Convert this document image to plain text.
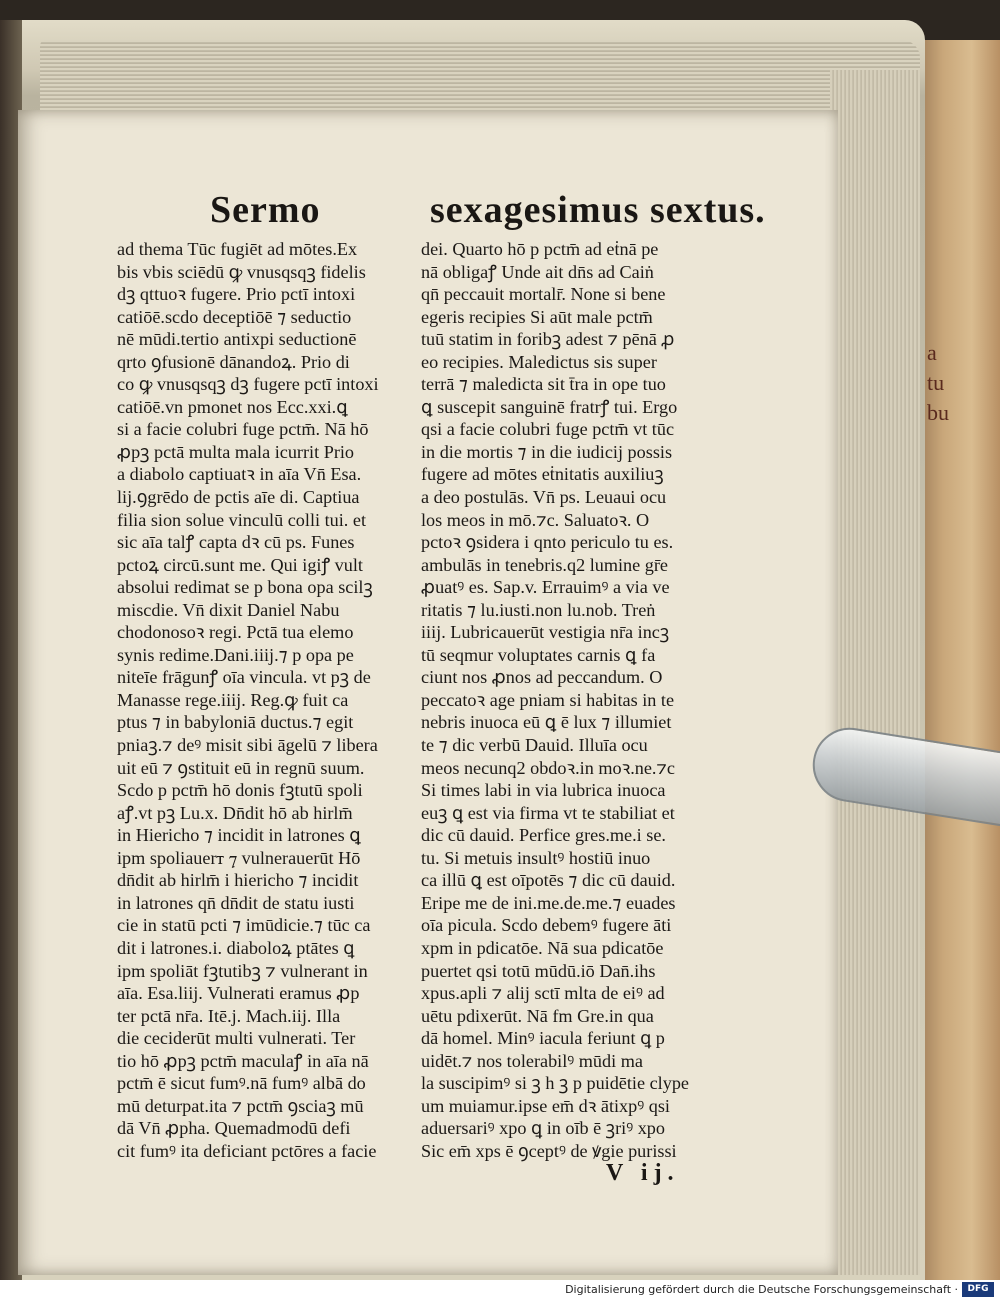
a
tu
bu
Sermo	sexagesimus sextus.
ad thema Tūc fugiēt ad mōtes.Ex
bis vbis sciēdū ꝙ vnusqsqꝫ fidelis
dꝫ qttuoꝛ fugere. Prio pctī intoxi
catiōē.scdo deceptiōē ⁊ seductio
nē mūdi.tertio antixpi seductionē
qrto ꝯfusionē dānandoꝝ. Prio di
co ꝙ vnusqsqꝫ dꝫ fugere pctī intoxi
catiōē.vn pmonet nos Ecc.xxi.ꝗ
si a facie colubri fuge pctm̄. Nā hō
ꝓpꝫ pctā multa mala icurrit Prio
a diabolo captiuatꝛ in aīa Vn̄ Esa.
lij.ꝯgrēdo de pctis aīe di. Captiua
filia sion solue vinculū colli tui. et
sic aīa talꝭ capta dꝛ cū ps. Funes
pctoꝝ circū.sunt me. Qui igiꝭ vult
absolui redimat se p bona opa scilꝫ
miscdie. Vn̄ dixit Daniel Nabu
chodonosoꝛ regi. Pctā tua elemo
synis redime.Dani.iiij.⁊ p opa pe
niteīe frāgunꝭ oīa vincula. vt pꝫ de
Manasse rege.iiij. Reg.ꝙ fuit ca
ptus ⁊ in babyloniā ductus.⁊ egit
pniaꝫ.⁊ deꝰ misit sibi āgelū ⁊ libera
uit eū ⁊ ꝯstituit eū in regnū suum.
Scdo p pctm̄ hō donis fꝫtutū spoli
aꝭ.vt pꝫ Lu.x. Dn̄dit hō ab hirlm̄
in Hiericho ⁊ incidit in latrones ꝗ
ipm spoliauerꭲ ⁊ vulnerauerūt Hō
dn̄dit ab hirlm̄ i hiericho ⁊ incidit
in latrones qn̄ dn̄dit de statu iusti
cie in statū pcti ⁊ imūdicie.⁊ tūc ca
dit i latrones.i. diaboloꝝ ptātes ꝗ
ipm spoliāt fꝫtutibꝫ ⁊ vulnerant in
aīa. Esa.liij. Vulnerati eramus ꝓp
ter pctā nr̄a. Itē.j. Mach.iij. Illa
die ceciderūt multi vulnerati. Ter
tio hō ꝓpꝫ pctm̄ maculaꝭ in aīa nā
pctm̄ ē sicut fumꝰ.nā fumꝰ albā do
mū deturpat.ita ⁊ pctm̄ ꝯsciaꝫ mū
dā Vn̄ ꝓpha. Quemadmodū defi
cit fumꝰ ita deficiant pctōres a facie
dei. Quarto hō p pctm̄ ad eṫnā pe
nā obligaꝭ Unde ait dn̄s ad Caiṅ
qn̄ peccauit mortalr̄. None si bene
egeris recipies Si aūt male pctm̄
tuū statim in foribꝫ adest ⁊ pēnā ꝓ
eo recipies. Maledictus sis super
terrā ⁊ maledicta sit t̄ra in ope tuo
ꝗ suscepit sanguinē fratrꝭ tui. Ergo
qsi a facie colubri fuge pctm̄ vt tūc
in die mortis ⁊ in die iudicij possis
fugere ad mōtes eṫnitatis auxiliuꝫ
a deo postulās. Vn̄ ps. Leuaui ocu
los meos in mō.⁊c. Saluatoꝛ. O
pctoꝛ ꝯsidera i qnto periculo tu es.
ambulās in tenebris.q2 lumine gr̄e
ꝓuatꝰ es. Sap.v. Errauimꝰ a via ve
ritatis ⁊ lu.iusti.non lu.nob. Treṅ
iiij. Lubricauerūt vestigia nr̄a incꝫ
tū seqmur voluptates carnis ꝗ fa
ciunt nos ꝓnos ad peccandum. O
peccatoꝛ age pniam si habitas in te
nebris inuoca eū ꝗ ē lux ⁊ illumiet
te ⁊ dic verbū Dauid. Illuīa ocu
meos necunq2 obdoꝛ.in moꝛ.ne.⁊c
Si times labi in via lubrica inuoca
euꝫ ꝗ est via firma vt te stabiliat et
dic cū dauid. Perfice gres.me.i se.
tu. Si metuis insultꝰ hostiū inuo
ca illū ꝗ est oīpotēs ⁊ dic cū dauid.
Eripe me de ini.me.de.me.⁊ euades
oīa picula. Scdo debemꝰ fugere āti
xpm in pdicatōe. Nā sua pdicatōe
puertet qsi totū mūdū.iō Dan̄.ihs
xpus.apli ⁊ alij sctī mlta de eiꝰ ad
uētu pdixerūt. Nā fm Gre.in qua
dā homel. Minꝰ iacula feriunt ꝗ p
uidēt.⁊ nos tolerabilꝰ mūdi ma
la suscipimꝰ si ꝫ h ꝫ p puidētie clype
um muiamur.ipse em̄ dꝛ ātixpꝰ qsi
aduersariꝰ xpo ꝗ in oīb ē ꝫriꝰ xpo
Sic em̄ xps ē ꝯceptꝰ de ꝟgie purissi
V ij.
Digitalisierung gefördert durch die Deutsche Forschungsgemeinschaft ·	DFG
